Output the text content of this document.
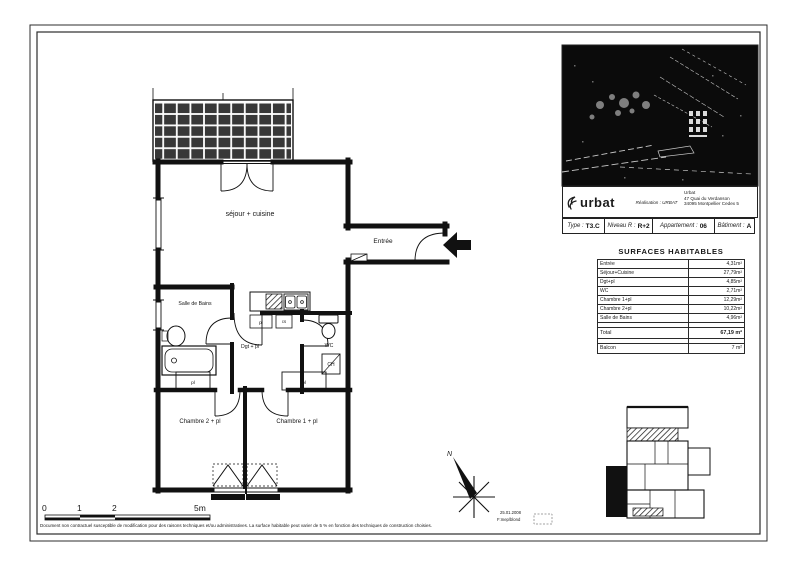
séjour + cuisine
Entrée
Salle de Bains
Dgt + pl	WC
Chambre 2 + pl	Chambre 1 + pl
pl	pl
pl	cs
CH
N
0	1	2	5m
Document non contractuel susceptible de modification pour des raisons techniques et/ou administratives. La surface habitable peut varier de 5 % en fonction des techniques de construction choisies.
25.01.2008
F:mep/blond
urbat	Réalisation : URBAT
Urbat
47 Quai du Verdanson
34095 Montpellier Cedex 5
Type : T3.C Niveau R : R+2 Appartement : 06 Bâtiment : A
SURFACES HABITABLES
Entrée	4,31m²
Séjour+Cuisine	27,79m²
Dgt+pl	4,85m²
WC	2,71m²
Chambre 1+pl	12,29m²
Chambre 2+pl	10,22m²
Salle de Bains	4,96m²

Total	67,19 m²

Balcon	7 m²
